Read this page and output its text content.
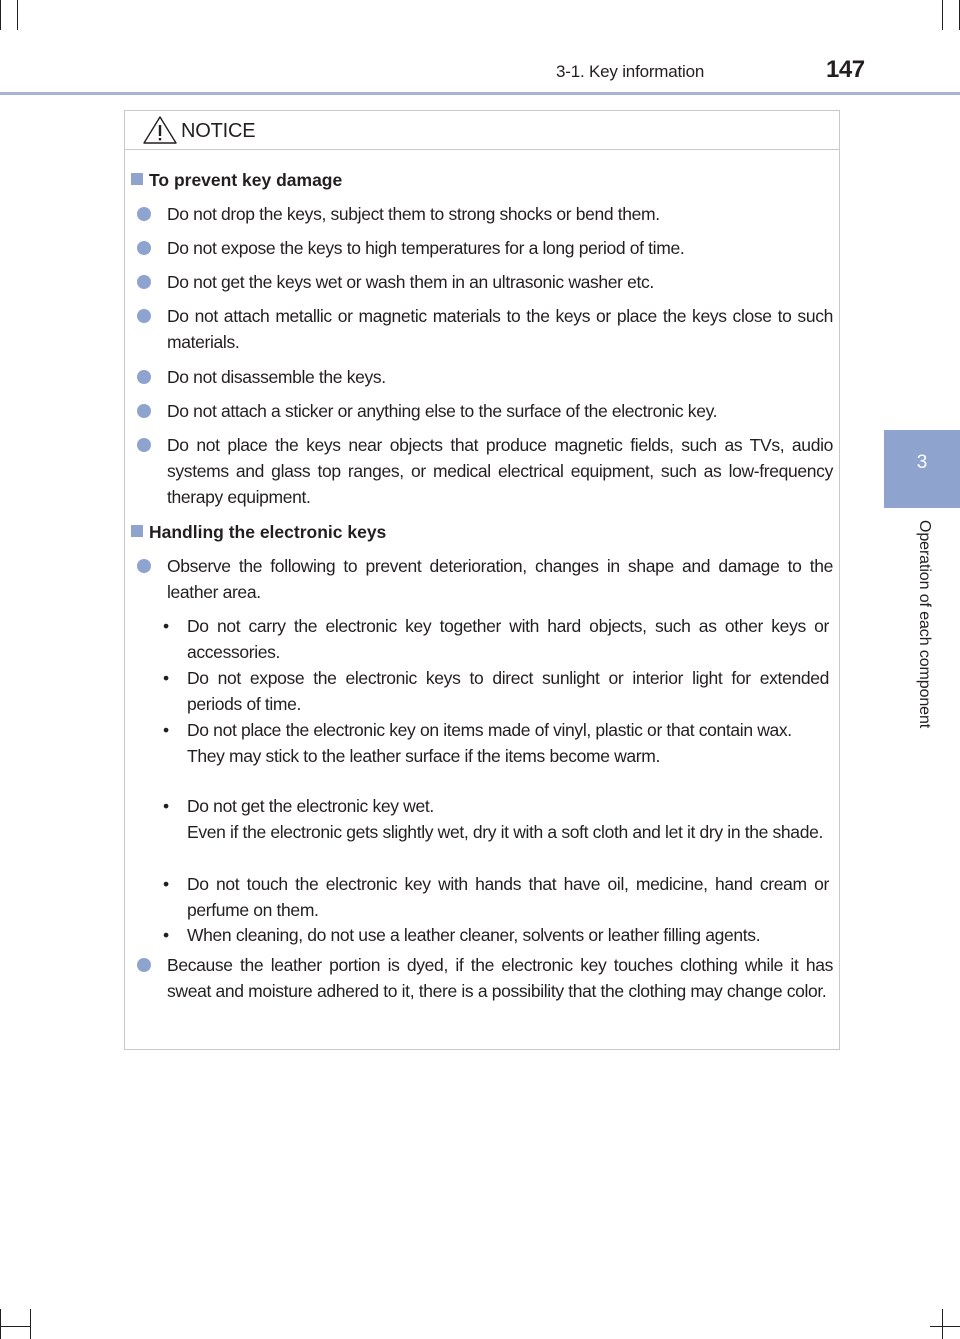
3-1. Key information	147
3
Operation of each component
NOTICE
To prevent key damage
Do not drop the keys, subject them to strong shocks or bend them.
Do not expose the keys to high temperatures for a long period of time.
Do not get the keys wet or wash them in an ultrasonic washer etc.
Do not attach metallic or magnetic materials to the keys or place the keys close to such materials.
Do not disassemble the keys.
Do not attach a sticker or anything else to the surface of the electronic key.
Do not place the keys near objects that produce magnetic fields, such as TVs, audio systems and glass top ranges, or medical electrical equipment, such as low-frequency therapy equipment.
Handling the electronic keys
Observe the following to prevent deterioration, changes in shape and damage to the leather area.
• Do not carry the electronic key together with hard objects, such as other keys or accessories.
• Do not expose the electronic keys to direct sunlight or interior light for extended periods of time.
• Do not place the electronic key on items made of vinyl, plastic or that contain wax.
They may stick to the leather surface if the items become warm.
• Do not get the electronic key wet.
Even if the electronic gets slightly wet, dry it with a soft cloth and let it dry in the shade.
• Do not touch the electronic key with hands that have oil, medicine, hand cream or perfume on them.
• When cleaning, do not use a leather cleaner, solvents or leather filling agents.
Because the leather portion is dyed, if the electronic key touches clothing while it has sweat and moisture adhered to it, there is a possibility that the clothing may change color.
